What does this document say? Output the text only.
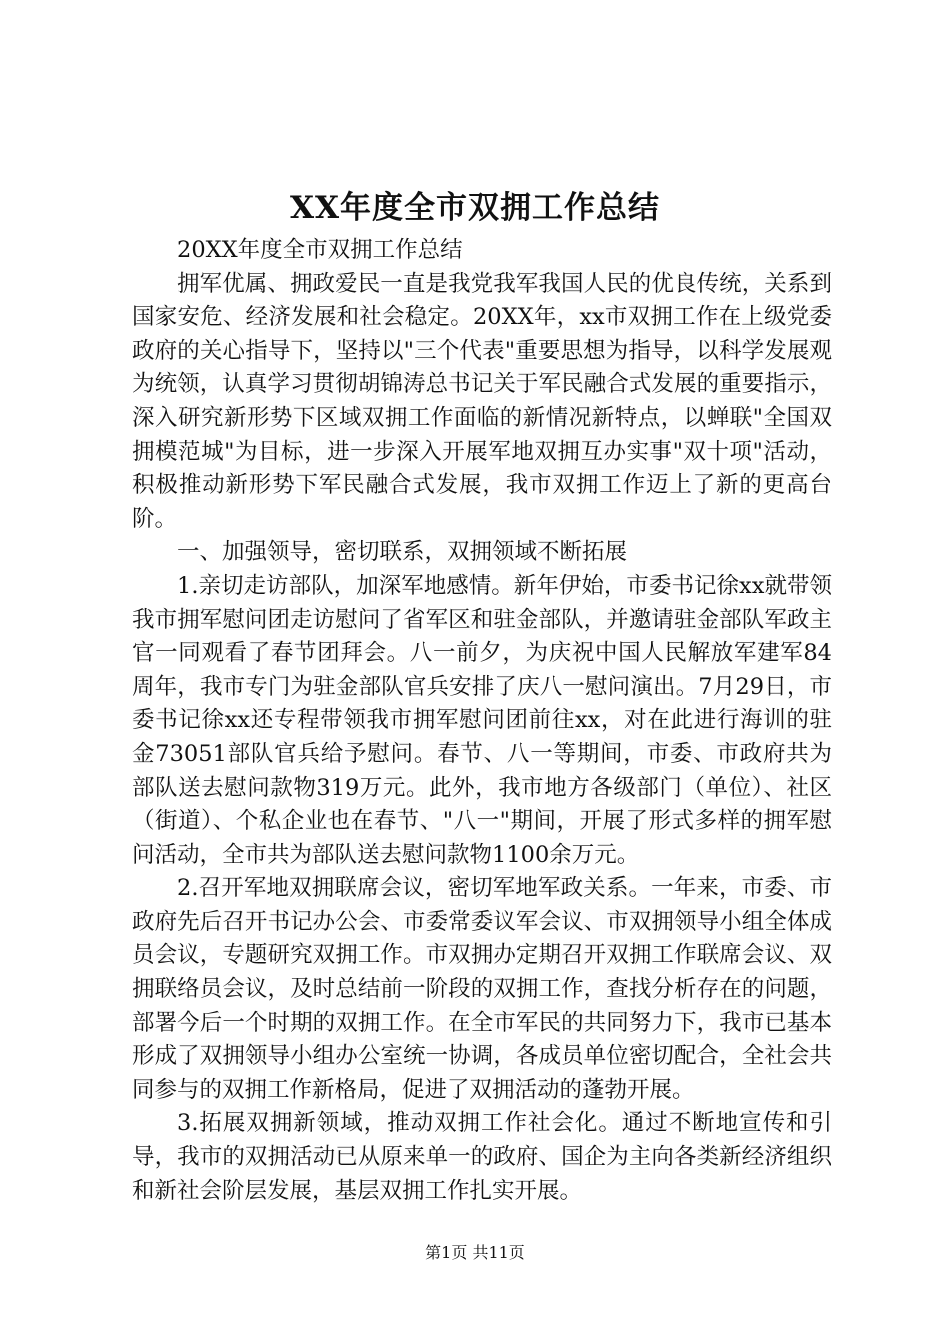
XX年度全市双拥工作总结

20XX年度全市双拥工作总结

拥军优属、拥政爱民一直是我党我军我国人民的优良传统，关系到国家安危、经济发展和社会稳定。20XX年，xx市双拥工作在上级党委政府的关心指导下，坚持以"三个代表"重要思想为指导，以科学发展观为统领，认真学习贯彻胡锦涛总书记关于军民融合式发展的重要指示，深入研究新形势下区域双拥工作面临的新情况新特点，以蝉联"全国双拥模范城"为目标，进一步深入开展军地双拥互办实事"双十项"活动，积极推动新形势下军民融合式发展，我市双拥工作迈上了新的更高台阶。

一、加强领导，密切联系，双拥领域不断拓展

1.亲切走访部队，加深军地感情。新年伊始，市委书记徐xx就带领我市拥军慰问团走访慰问了省军区和驻金部队，并邀请驻金部队军政主官一同观看了春节团拜会。八一前夕，为庆祝中国人民解放军建军84周年，我市专门为驻金部队官兵安排了庆八一慰问演出。7月29日，市委书记徐xx还专程带领我市拥军慰问团前往xx，对在此进行海训的驻金73051部队官兵给予慰问。春节、八一等期间，市委、市政府共为部队送去慰问款物319万元。此外，我市地方各级部门（单位）、社区（街道）、个私企业也在春节、"八一"期间，开展了形式多样的拥军慰问活动，全市共为部队送去慰问款物1100余万元。

2.召开军地双拥联席会议，密切军地军政关系。一年来，市委、市政府先后召开书记办公会、市委常委议军会议、市双拥领导小组全体成员会议，专题研究双拥工作。市双拥办定期召开双拥工作联席会议、双拥联络员会议，及时总结前一阶段的双拥工作，查找分析存在的问题，部署今后一个时期的双拥工作。在全市军民的共同努力下，我市已基本形成了双拥领导小组办公室统一协调，各成员单位密切配合，全社会共同参与的双拥工作新格局，促进了双拥活动的蓬勃开展。

3.拓展双拥新领域，推动双拥工作社会化。通过不断地宣传和引导，我市的双拥活动已从原来单一的政府、国企为主向各类新经济组织和新社会阶层发展，基层双拥工作扎实开展。

第1页 共11页
